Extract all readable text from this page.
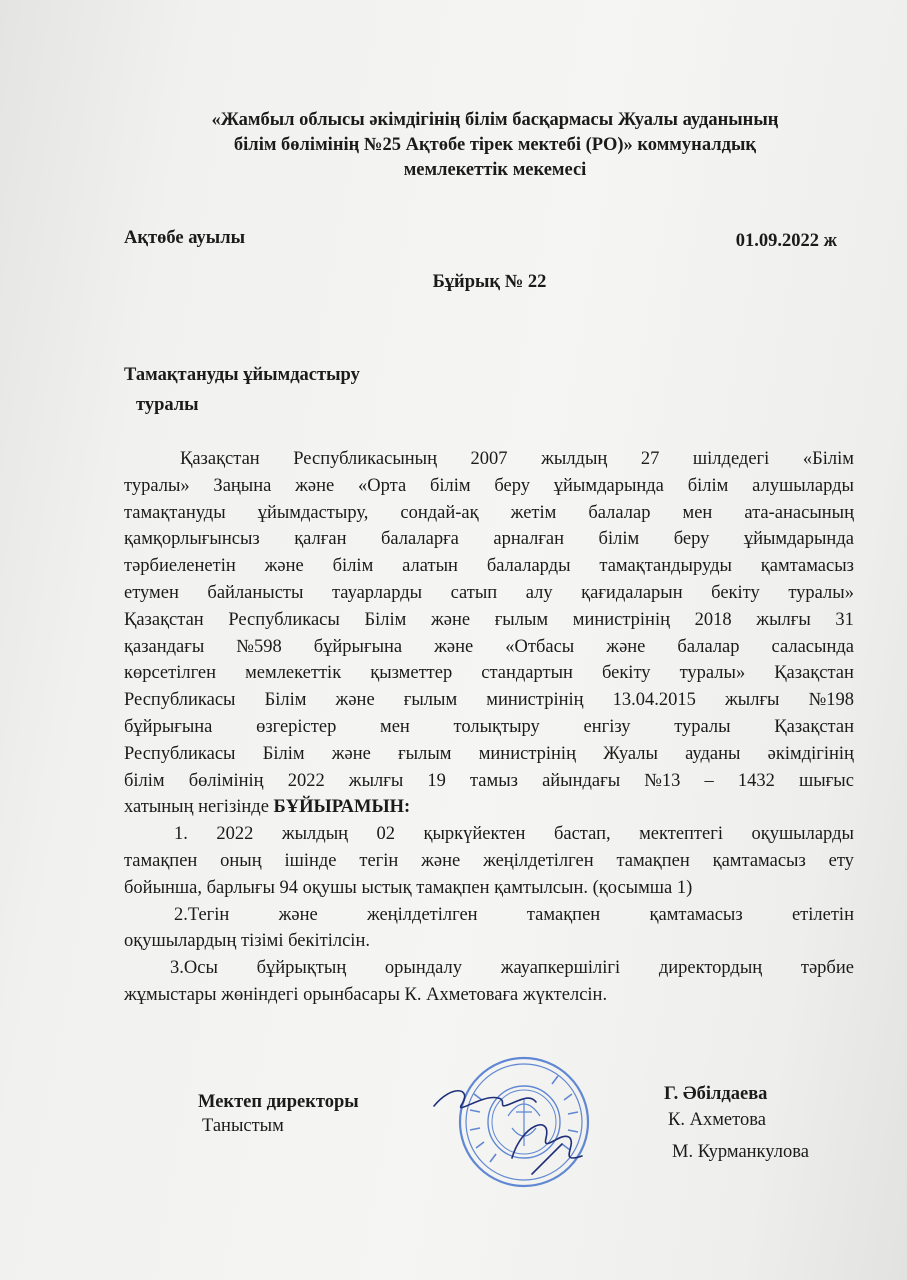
«Жамбыл облысы әкімдігінің білім басқармасы Жуалы ауданының
білім бөлімінің №25 Ақтөбе тірек мектебі (РО)» коммуналдық
мемлекеттік мекемесі
Ақтөбе ауылы	01.09.2022 ж
Бұйрық № 22
Тамақтануды ұйымдастыру
туралы
Қазақстан Республикасының 2007 жылдың 27 шілдедегі «Білім
туралы» Заңына және «Орта білім беру ұйымдарында білім алушыларды
тамақтануды ұйымдастыру, сондай-ақ жетім балалар мен ата-анасының
қамқорлығынсыз қалған балаларға арналған білім беру ұйымдарында
тәрбиеленетін және білім алатын балаларды тамақтандыруды қамтамасыз
етумен байланысты тауарларды сатып алу қағидаларын бекіту туралы»
Қазақстан Республикасы Білім және ғылым министрінің 2018 жылғы 31
қазандағы №598 бұйрығына және «Отбасы және балалар саласында
көрсетілген мемлекеттік қызметтер стандартын бекіту туралы» Қазақстан
Республикасы Білім және ғылым министрінің 13.04.2015 жылғы №198
бұйрығына өзгерістер мен толықтыру енгізу туралы Қазақстан
Республикасы Білім және ғылым министрінің Жуалы ауданы әкімдігінің
білім бөлімінің 2022 жылғы 19 тамыз айындағы №13 – 1432 шығыс
хатының негізінде БҰЙЫРАМЫН:
1. 2022 жылдың 02 қыркүйектен бастап, мектептегі оқушыларды
тамақпен оның ішінде тегін және жеңілдетілген тамақпен қамтамасыз ету
бойынша, барлығы 94 оқушы ыстық тамақпен қамтылсын. (қосымша 1)
2.Тегін	және	жеңілдетілген	тамақпен	қамтамасыз	етілетін
оқушылардың тізімі бекітілсін.
3.Осы бұйрықтың орындалу жауапкершілігі директордың тәрбие
жұмыстары жөніндегі орынбасары К. Ахметоваға жүктелсін.
Мектеп директоры
Таныстым
Г. Әбілдаева
К. Ахметова
М. Курманкулова
